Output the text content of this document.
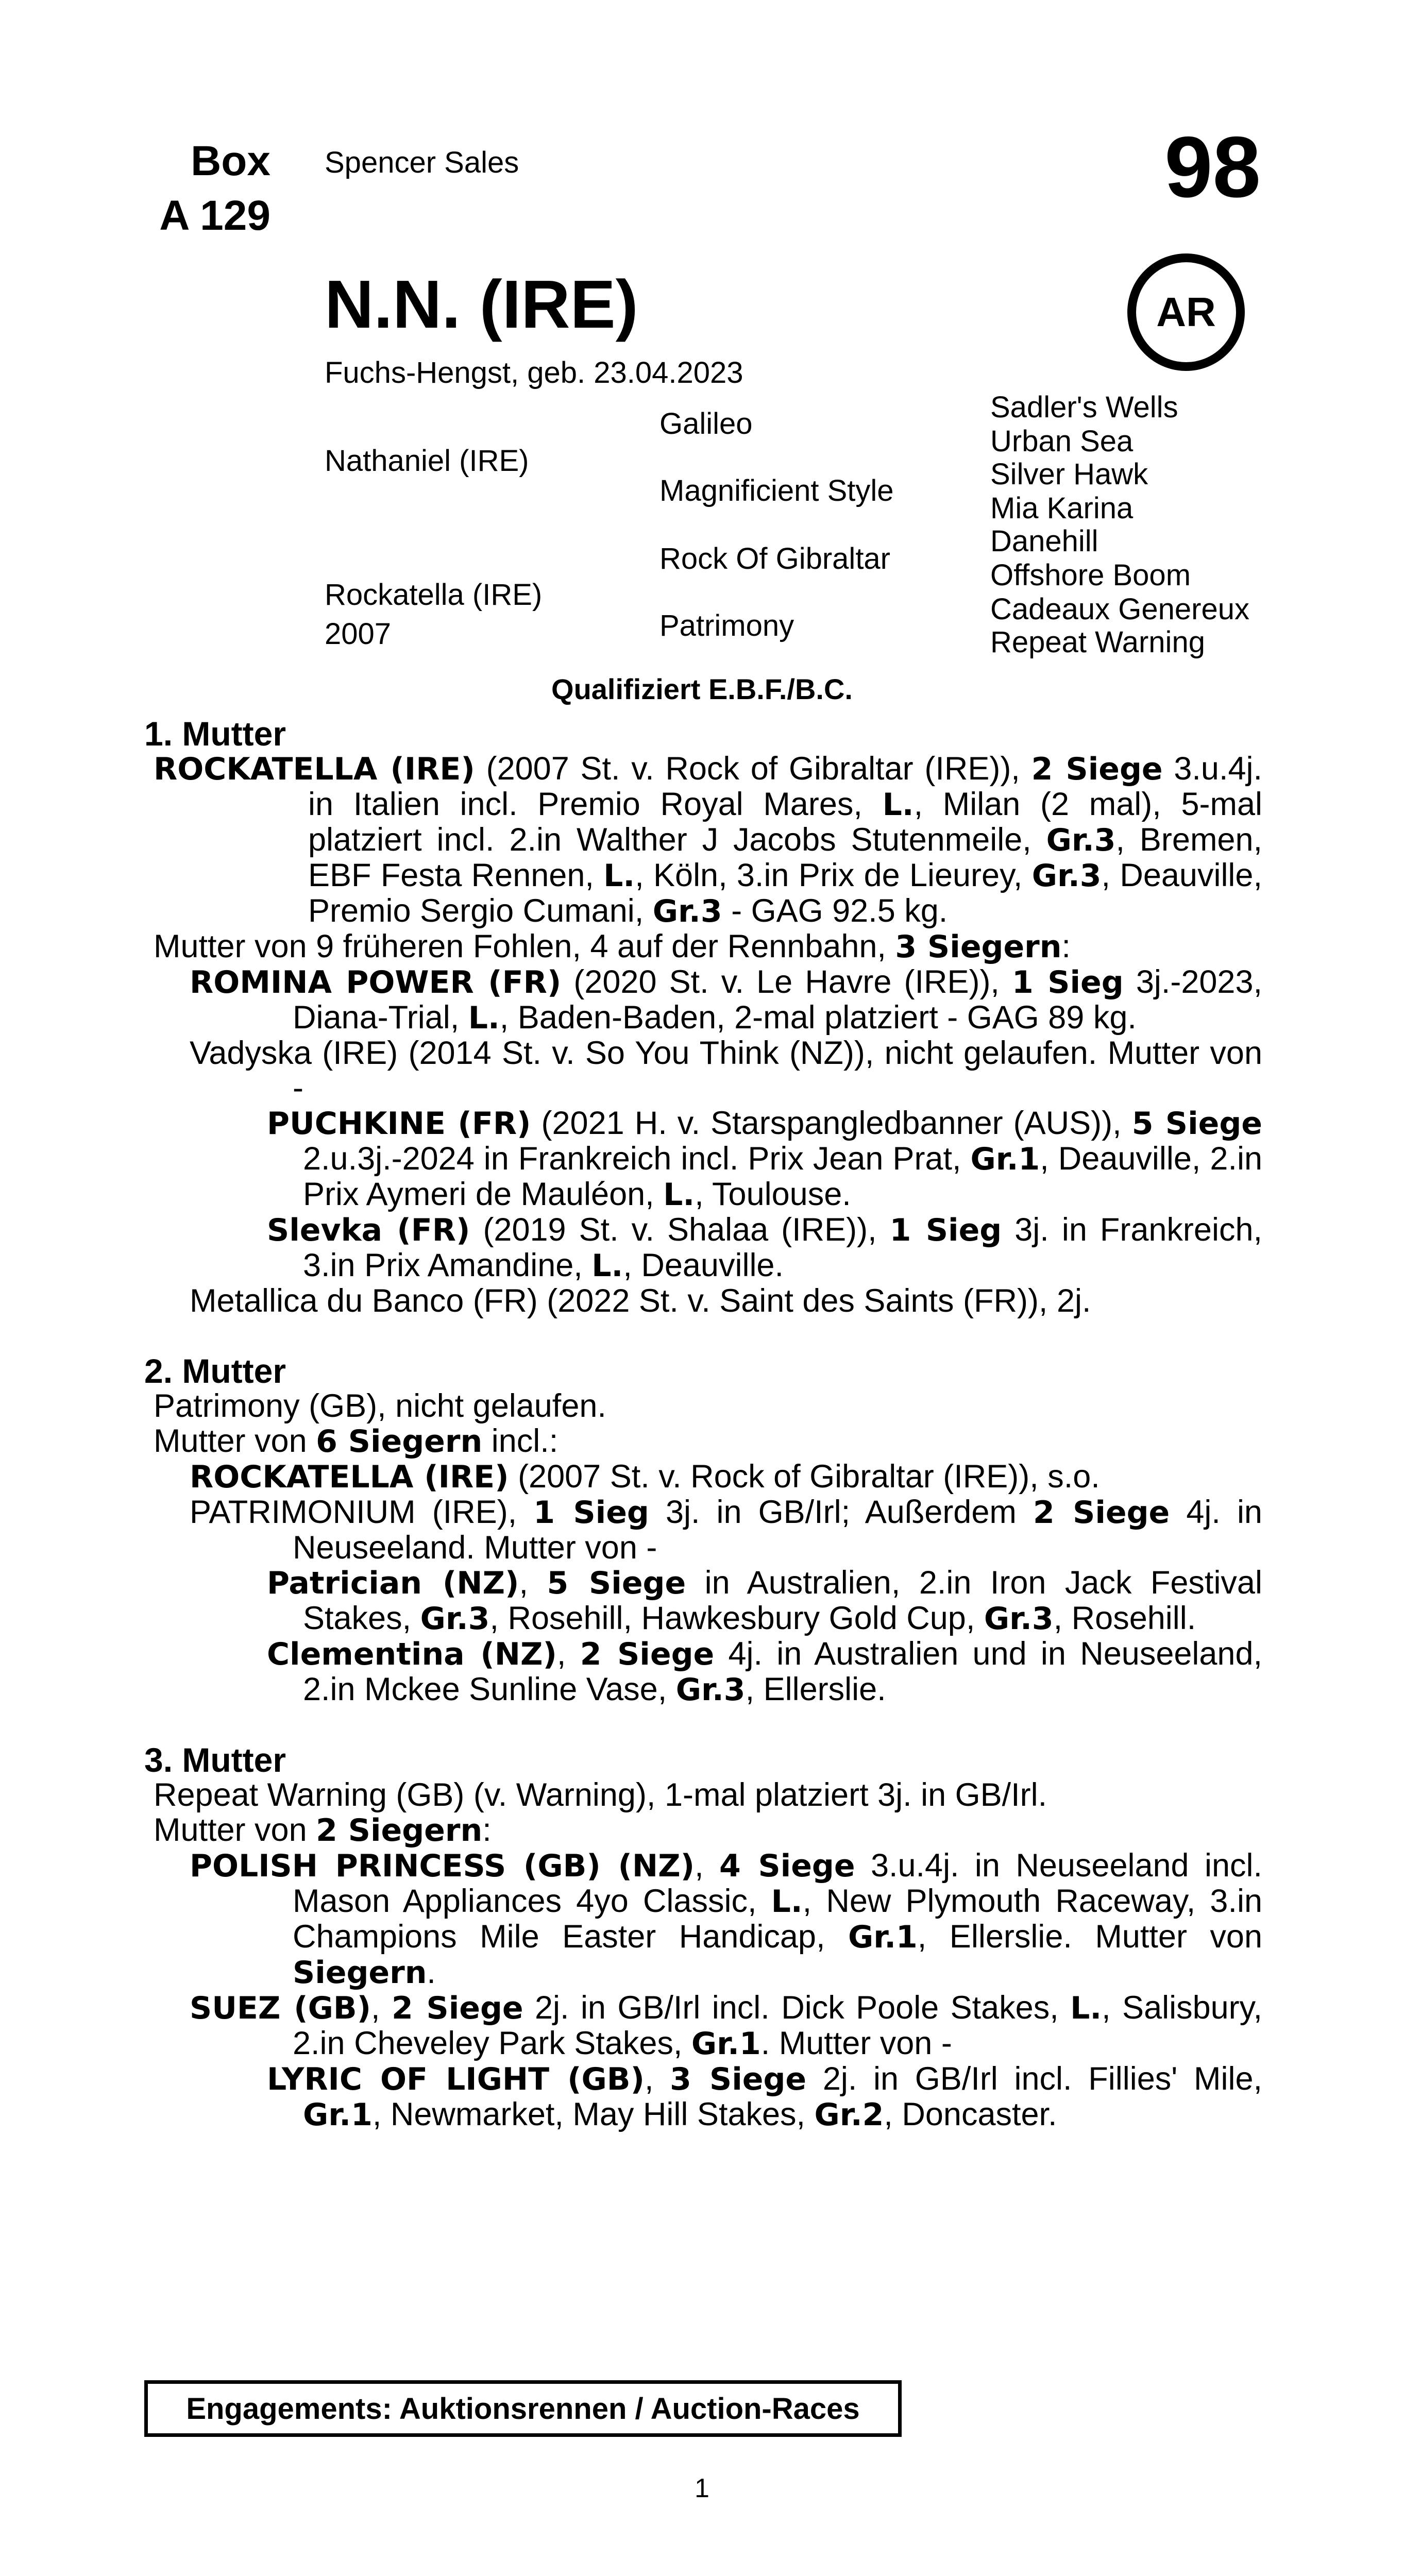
Box
A 129
Spencer Sales	98
AR
N.N. (IRE)
Fuchs-Hengst, geb. 23.04.2023
Nathaniel (IRE)
Rockatella (IRE)
2007
Galileo
Magnificient Style
Rock Of Gibraltar
Patrimony
Sadler's Wells
Urban Sea
Silver Hawk
Mia Karina
Danehill
Offshore Boom
Cadeaux Genereux
Repeat Warning
Qualifiziert E.B.F./B.C.
1. Mutter
ROCKATELLA (IRE) (2007 St. v. Rock of Gibraltar (IRE)), 2 Siege 3.u.4j. in Italien incl. Premio Royal Mares, L., Milan (2 mal), 5-mal platziert incl. 2.in Walther J Jacobs Stutenmeile, Gr.3, Bremen, EBF Festa Rennen, L., Köln, 3.in Prix de Lieurey, Gr.3, Deauville, Premio Sergio Cumani, Gr.3 - GAG 92.5 kg.
Mutter von 9 früheren Fohlen, 4 auf der Rennbahn, 3 Siegern:
ROMINA POWER (FR) (2020 St. v. Le Havre (IRE)), 1 Sieg 3j.-2023, Diana-Trial, L., Baden-Baden, 2-mal platziert - GAG 89 kg.
Vadyska (IRE) (2014 St. v. So You Think (NZ)), nicht gelaufen. Mutter von -
PUCHKINE (FR) (2021 H. v. Starspangledbanner (AUS)), 5 Siege 2.u.3j.-2024 in Frankreich incl. Prix Jean Prat, Gr.1, Deauville, 2.in Prix Aymeri de Mauléon, L., Toulouse.
Slevka (FR) (2019 St. v. Shalaa (IRE)), 1 Sieg 3j. in Frankreich, 3.in Prix Amandine, L., Deauville.
Metallica du Banco (FR) (2022 St. v. Saint des Saints (FR)), 2j.
2. Mutter
Patrimony (GB), nicht gelaufen.
Mutter von 6 Siegern incl.:
ROCKATELLA (IRE) (2007 St. v. Rock of Gibraltar (IRE)), s.o.
PATRIMONIUM (IRE), 1 Sieg 3j. in GB/Irl; Außerdem 2 Siege 4j. in Neuseeland. Mutter von -
Patrician (NZ), 5 Siege in Australien, 2.in Iron Jack Festival Stakes, Gr.3, Rosehill, Hawkesbury Gold Cup, Gr.3, Rosehill.
Clementina (NZ), 2 Siege 4j. in Australien und in Neuseeland, 2.in Mckee Sunline Vase, Gr.3, Ellerslie.
3. Mutter
Repeat Warning (GB) (v. Warning), 1-mal platziert 3j. in GB/Irl.
Mutter von 2 Siegern:
POLISH PRINCESS (GB) (NZ), 4 Siege 3.u.4j. in Neuseeland incl. Mason Appliances 4yo Classic, L., New Plymouth Raceway, 3.in Champions Mile Easter Handicap, Gr.1, Ellerslie. Mutter von Siegern.
SUEZ (GB), 2 Siege 2j. in GB/Irl incl. Dick Poole Stakes, L., Salisbury, 2.in Cheveley Park Stakes, Gr.1. Mutter von -
LYRIC OF LIGHT (GB), 3 Siege 2j. in GB/Irl incl. Fillies' Mile, Gr.1, Newmarket, May Hill Stakes, Gr.2, Doncaster.
Engagements: Auktionsrennen / Auction-Races
1
